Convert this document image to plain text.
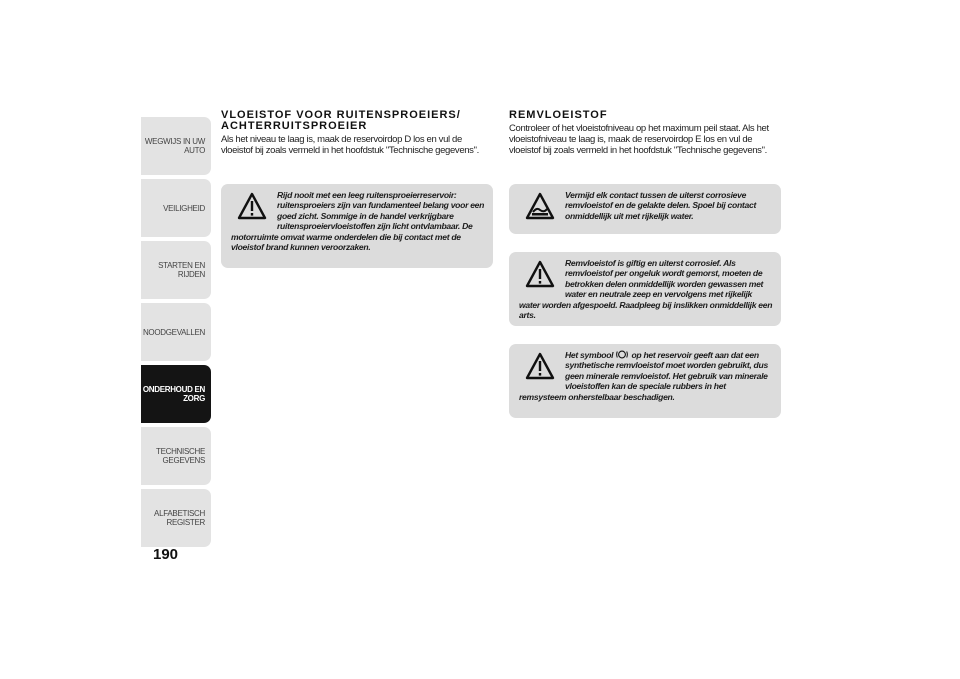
WEGWIJS IN UW
AUTO
VEILIGHEID
STARTEN EN RIJDEN
NOODGEVALLEN
ONDERHOUD EN
ZORG
TECHNISCHE
GEGEVENS
ALFABETISCH
REGISTER
190
VLOEISTOF VOOR RUITENSPROEIERS/ ACHTERRUITSPROEIER

Als het niveau te laag is, maak de reservoirdop D los en vul de vloeistof bij zoals vermeld in het hoofdstuk "Technische gegevens".

Rijd nooit met een leeg ruitensproeierreservoir: ruitensproeiers zijn van fundamenteel belang voor een goed zicht. Sommige in de handel verkrijgbare ruitensproeiervloeistoffen zijn licht ontvlambaar. De motorruimte omvat warme onderdelen die bij contact met de vloeistof brand kunnen veroorzaken.

REMVLOEISTOF

Controleer of het vloeistofniveau op het maximum peil staat. Als het vloeistofniveau te laag is, maak de reservoirdop E los en vul de vloeistof bij zoals vermeld in het hoofdstuk "Technische gegevens".

Vermijd elk contact tussen de uiterst corrosieve remvloeistof en de gelakte delen. Spoel bij contact onmiddellijk uit met rijkelijk water.

Remvloeistof is giftig en uiterst corrosief. Als remvloeistof per ongeluk wordt gemorst, moeten de betrokken delen onmiddellijk worden gewassen met water en neutrale zeep en vervolgens met rijkelijk water worden afgespoeld. Raadpleeg bij inslikken onmiddellijk een arts.

Het symbool op het reservoir geeft aan dat een synthetische remvloeistof moet worden gebruikt, dus geen minerale remvloeistof. Het gebruik van minerale vloeistoffen kan de speciale rubbers in het remsysteem onherstelbaar beschadigen.
